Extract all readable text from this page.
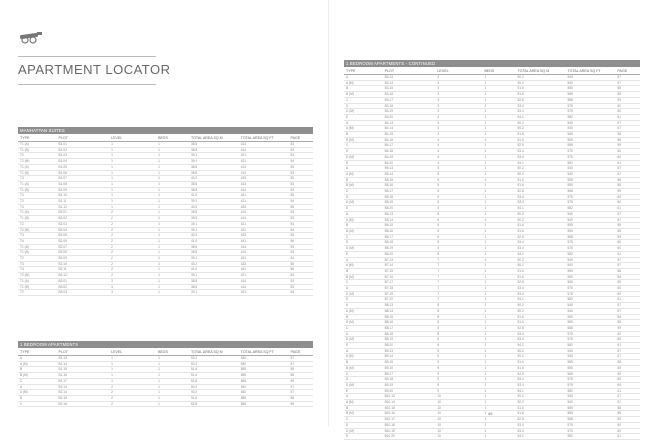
APARTMENT LOCATOR
MANHATTAN SUITES
TYPE	PLOT	LEVEL	BEDS	TOTAL AREA SQ M	TOTAL AREA SQ FT	PAGE
T1 (A)	B1.01	1	1	38.5	414	53
T1 (B)	B1.02	1	1	38.5	414	53
T2	B1.03	1	1	39.1	421	54
T2 (M)	B1.04	1	1	39.1	421	54
T1 (A)	B1.05	1	1	38.5	414	53
T1 (B)	B1.06	1	1	38.5	414	53
T3	B1.07	1	1	40.2	433	55
T1 (A)	B1.08	1	1	38.5	414	53
T1 (B)	B1.09	1	1	38.5	414	53
T4	B1.10	1	1	41.0	441	56
T2	B1.11	1	1	39.1	421	54
T3	B1.12	1	1	40.2	433	55
T1 (A)	B2.01	2	1	38.5	414	53
T1 (B)	B2.02	2	1	38.5	414	53
T2	B2.03	2	1	39.1	421	54
T2 (M)	B2.04	2	1	39.1	421	54
T3	B2.05	2	1	40.2	433	55
T4	B2.06	2	1	41.0	441	56
T1 (A)	B2.07	2	1	38.5	414	53
T1 (B)	B2.08	2	1	38.5	414	53
T2	B2.09	2	1	39.1	421	54
T3	B2.10	2	1	40.2	433	55
T4	B2.11	2	1	41.0	441	56
T2 (M)	B2.12	2	1	39.1	421	54
T1 (A)	B3.01	3	1	38.5	414	53
T1 (B)	B3.02	3	1	38.5	414	53
T2	B3.03	3	1	39.1	421	54
1 BEDROOM APARTMENTS
TYPE	PLOT	LEVEL	BEDS	TOTAL AREA SQ M	TOTAL AREA SQ FT	PAGE
A	B1.13	1	1	50.2	540	57
A (M)	B1.14	1	1	50.2	540	57
B	B1.15	1	1	51.6	555	58
B (M)	B1.16	1	1	51.6	555	58
C	B1.17	1	1	52.8	568	59
A	B2.13	2	1	50.2	540	57
A (M)	B2.14	2	1	50.2	540	57
B	B2.15	2	1	51.6	555	58
C	B2.16	2	1	52.8	568	59
1 BEDROOM APARTMENTS - CONTINUED
TYPE	PLOT	LEVEL	BEDS	TOTAL AREA SQ M	TOTAL AREA SQ FT	PAGE
A	B3.13	3	1	50.2	540	57
A (M)	B3.14	3	1	50.2	540	57
B	B3.15	3	1	51.6	555	58
B (M)	B3.16	3	1	51.6	555	58
C	B3.17	3	1	52.8	568	59
D	B3.18	3	1	53.4	575	60
D (M)	B3.19	3	1	53.4	575	60
E	B3.20	3	1	54.1	582	61
A	B4.13	4	1	50.2	540	57
A (M)	B4.14	4	1	50.2	540	57
B	B4.15	4	1	51.6	555	58
B (M)	B4.16	4	1	51.6	555	58
C	B4.17	4	1	52.8	568	59
D	B4.18	4	1	53.4	575	60
D (M)	B4.19	4	1	53.4	575	60
E	B4.20	4	1	54.1	582	61
A	B5.13	5	1	50.2	540	57
A (M)	B5.14	5	1	50.2	540	57
B	B5.15	5	1	51.6	555	58
B (M)	B5.16	5	1	51.6	555	58
C	B5.17	5	1	52.8	568	59
D	B5.18	5	1	53.4	575	60
D (M)	B5.19	5	1	53.4	575	60
E	B5.20	5	1	54.1	582	61
A	B6.13	6	1	50.2	540	57
A (M)	B6.14	6	1	50.2	540	57
B	B6.15	6	1	51.6	555	58
B (M)	B6.16	6	1	51.6	555	58
C	B6.17	6	1	52.8	568	59
D	B6.18	6	1	53.4	575	60
D (M)	B6.19	6	1	53.4	575	60
E	B6.20	6	1	54.1	582	61
A	B7.13	7	1	50.2	540	57
A (M)	B7.14	7	1	50.2	540	57
B	B7.15	7	1	51.6	555	58
B (M)	B7.16	7	1	51.6	555	58
C	B7.17	7	1	52.8	568	59
D	B7.18	7	1	53.4	575	60
D (M)	B7.19	7	1	53.4	575	60
E	B7.20	7	1	54.1	582	61
A	B8.13	8	1	50.2	540	57
A (M)	B8.14	8	1	50.2	540	57
B	B8.15	8	1	51.6	555	58
B (M)	B8.16	8	1	51.6	555	58
C	B8.17	8	1	52.8	568	59
D	B8.18	8	1	53.4	575	60
D (M)	B8.19	8	1	53.4	575	60
E	B8.20	8	1	54.1	582	61
A	B9.13	9	1	50.2	540	57
A (M)	B9.14	9	1	50.2	540	57
B	B9.15	9	1	51.6	555	58
B (M)	B9.16	9	1	51.6	555	58
C	B9.17	9	1	52.8	568	59
D	B9.18	9	1	53.4	575	60
D (M)	B9.19	9	1	53.4	575	60
E	B9.20	9	1	54.1	582	61
A	B10.13	10	1	50.2	540	57
A (M)	B10.14	10	1	50.2	540	57
B	B10.15	10	1	51.6	555	58
B (M)	B10.16	10	1	51.6	555	58
C	B10.17	10	1	52.8	568	59
D	B10.18	10	1	53.4	575	60
D (M)	B10.19	10	1	53.4	575	60
E	B10.20	10	1	54.1	582	61
49
